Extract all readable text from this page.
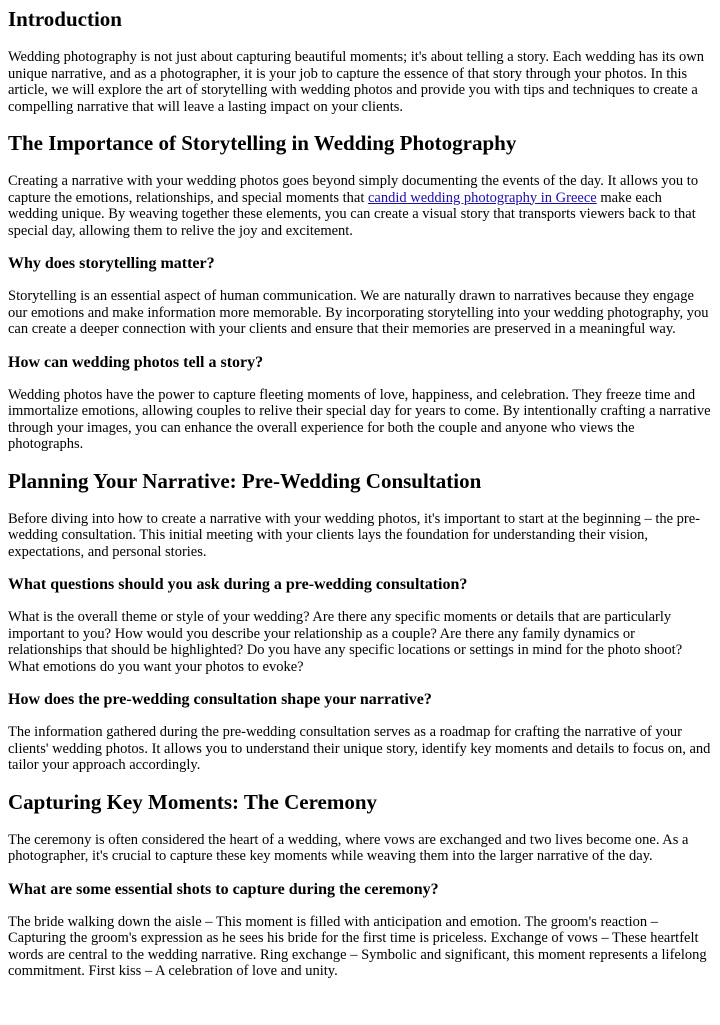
Introduction

Wedding photography is not just about capturing beautiful moments; it's about telling a story. Each wedding has its own unique narrative, and as a photographer, it is your job to capture the essence of that story through your photos. In this article, we will explore the art of storytelling with wedding photos and provide you with tips and techniques to create a compelling narrative that will leave a lasting impact on your clients.

The Importance of Storytelling in Wedding Photography

Creating a narrative with your wedding photos goes beyond simply documenting the events of the day. It allows you to capture the emotions, relationships, and special moments that candid wedding photography in Greece make each wedding unique. By weaving together these elements, you can create a visual story that transports viewers back to that special day, allowing them to relive the joy and excitement.

Why does storytelling matter?

Storytelling is an essential aspect of human communication. We are naturally drawn to narratives because they engage our emotions and make information more memorable. By incorporating storytelling into your wedding photography, you can create a deeper connection with your clients and ensure that their memories are preserved in a meaningful way.

How can wedding photos tell a story?

Wedding photos have the power to capture fleeting moments of love, happiness, and celebration. They freeze time and immortalize emotions, allowing couples to relive their special day for years to come. By intentionally crafting a narrative through your images, you can enhance the overall experience for both the couple and anyone who views the photographs.

Planning Your Narrative: Pre-Wedding Consultation

Before diving into how to create a narrative with your wedding photos, it's important to start at the beginning – the pre-wedding consultation. This initial meeting with your clients lays the foundation for understanding their vision, expectations, and personal stories.

What questions should you ask during a pre-wedding consultation?

What is the overall theme or style of your wedding? Are there any specific moments or details that are particularly important to you? How would you describe your relationship as a couple? Are there any family dynamics or relationships that should be highlighted? Do you have any specific locations or settings in mind for the photo shoot? What emotions do you want your photos to evoke?

How does the pre-wedding consultation shape your narrative?

The information gathered during the pre-wedding consultation serves as a roadmap for crafting the narrative of your clients' wedding photos. It allows you to understand their unique story, identify key moments and details to focus on, and tailor your approach accordingly.

Capturing Key Moments: The Ceremony

The ceremony is often considered the heart of a wedding, where vows are exchanged and two lives become one. As a photographer, it's crucial to capture these key moments while weaving them into the larger narrative of the day.

What are some essential shots to capture during the ceremony?

The bride walking down the aisle – This moment is filled with anticipation and emotion. The groom's reaction – Capturing the groom's expression as he sees his bride for the first time is priceless. Exchange of vows – These heartfelt words are central to the wedding narrative. Ring exchange – Symbolic and significant, this moment represents a lifelong commitment. First kiss – A celebration of love and unity.
